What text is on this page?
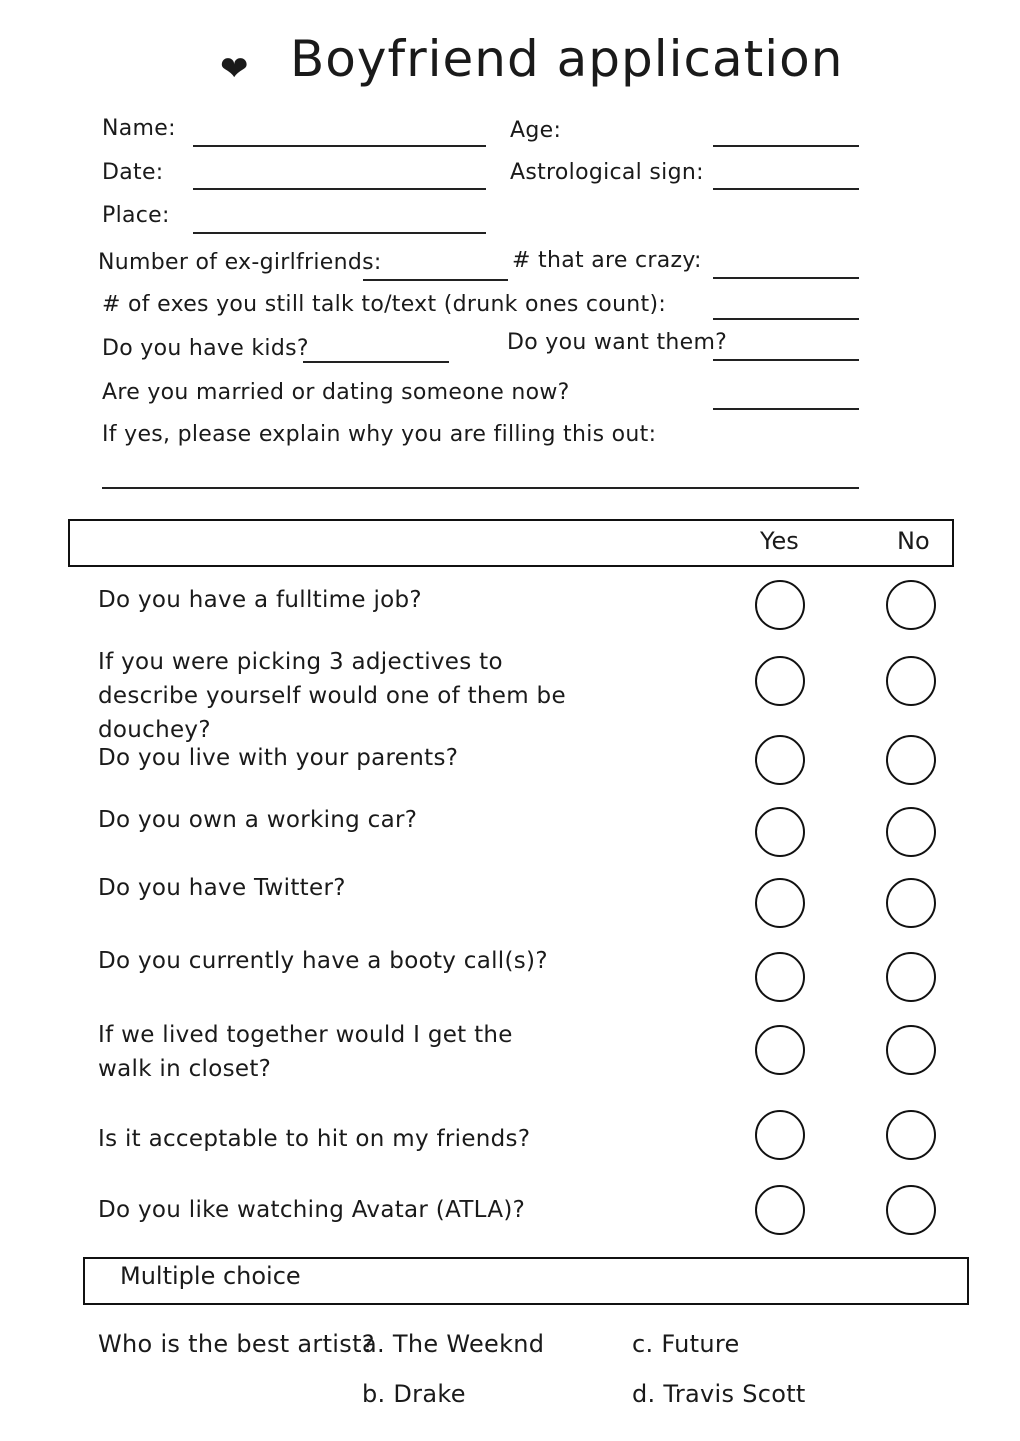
❤ Boyfriend application
Name:	Age:
Date:	Astrological sign:
Place:
Number of ex-girlfriends:	# that are crazy:
# of exes you still talk to/text (drunk ones count):
Do you have kids?	Do you want them?
Are you married or dating someone now?
If yes, please explain why you are filling this out:
Yes	No
Do you have a fulltime job?
If you were picking 3 adjectives to describe yourself would one of them be douchey?
Do you live with your parents?
Do you own a working car?
Do you have Twitter?
Do you currently have a booty call(s)?
If we lived together would I get the walk in closet?
Is it acceptable to hit on my friends?
Do you like watching Avatar (ATLA)?
Multiple choice
Who is the best artist?
a. The Weeknd	c. Future
b. Drake	d. Travis Scott
